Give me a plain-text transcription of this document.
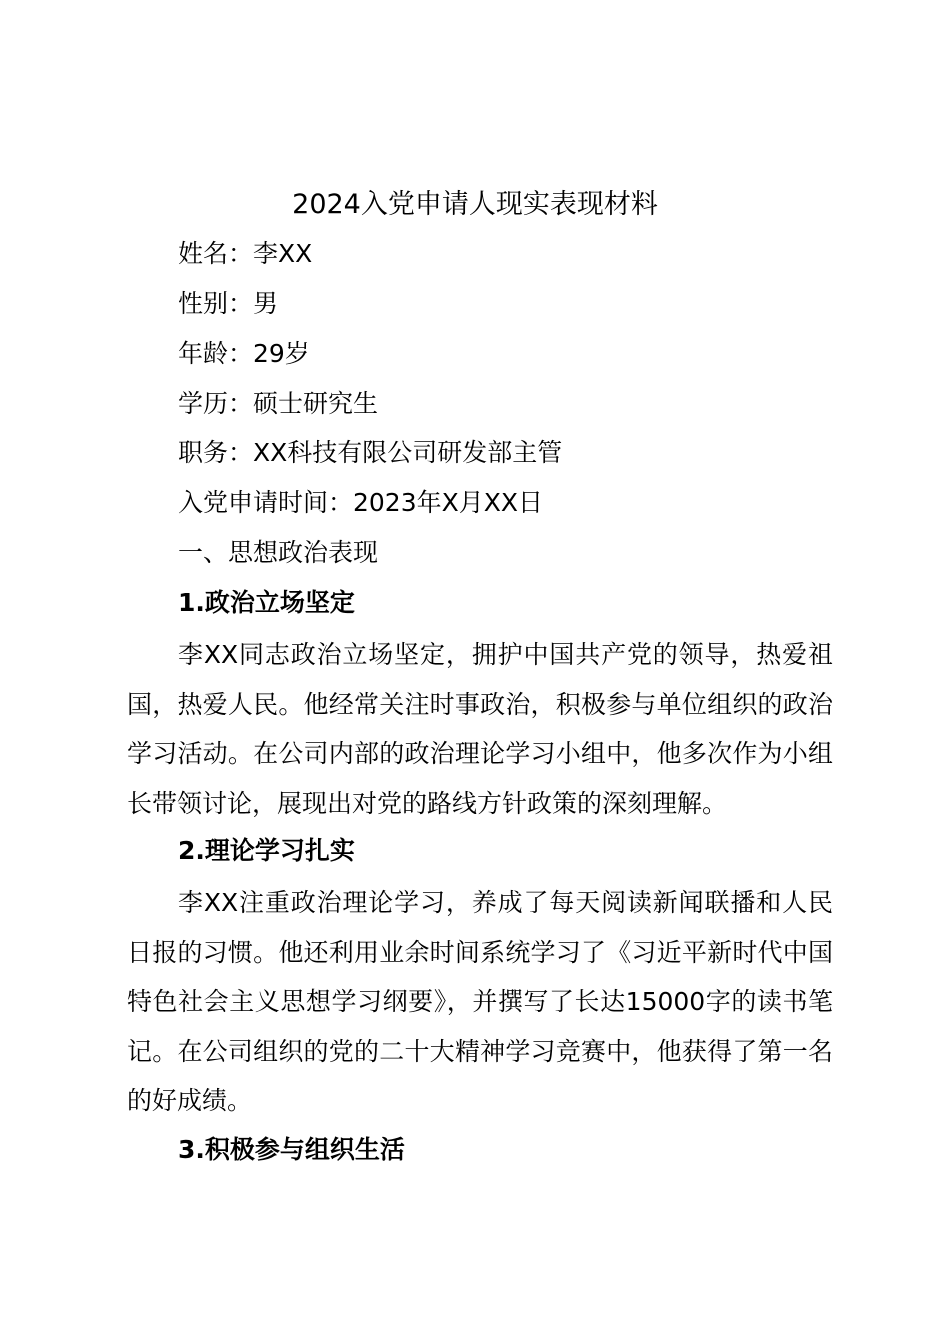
2024入党申请人现实表现材料
姓名：李XX
性别：男
年龄：29岁
学历：硕士研究生
职务：XX科技有限公司研发部主管
入党申请时间：2023年X月XX日
一、思想政治表现
1.政治立场坚定

李XX同志政治立场坚定，拥护中国共产党的领导，热爱祖国，热爱人民。他经常关注时事政治，积极参与单位组织的政治学习活动。在公司内部的政治理论学习小组中，他多次作为小组长带领讨论，展现出对党的路线方针政策的深刻理解。

2.理论学习扎实

李XX注重政治理论学习，养成了每天阅读新闻联播和人民日报的习惯。他还利用业余时间系统学习了《习近平新时代中国特色社会主义思想学习纲要》，并撰写了长达15000字的读书笔记。在公司组织的党的二十大精神学习竞赛中，他获得了第一名的好成绩。

3.积极参与组织生活
